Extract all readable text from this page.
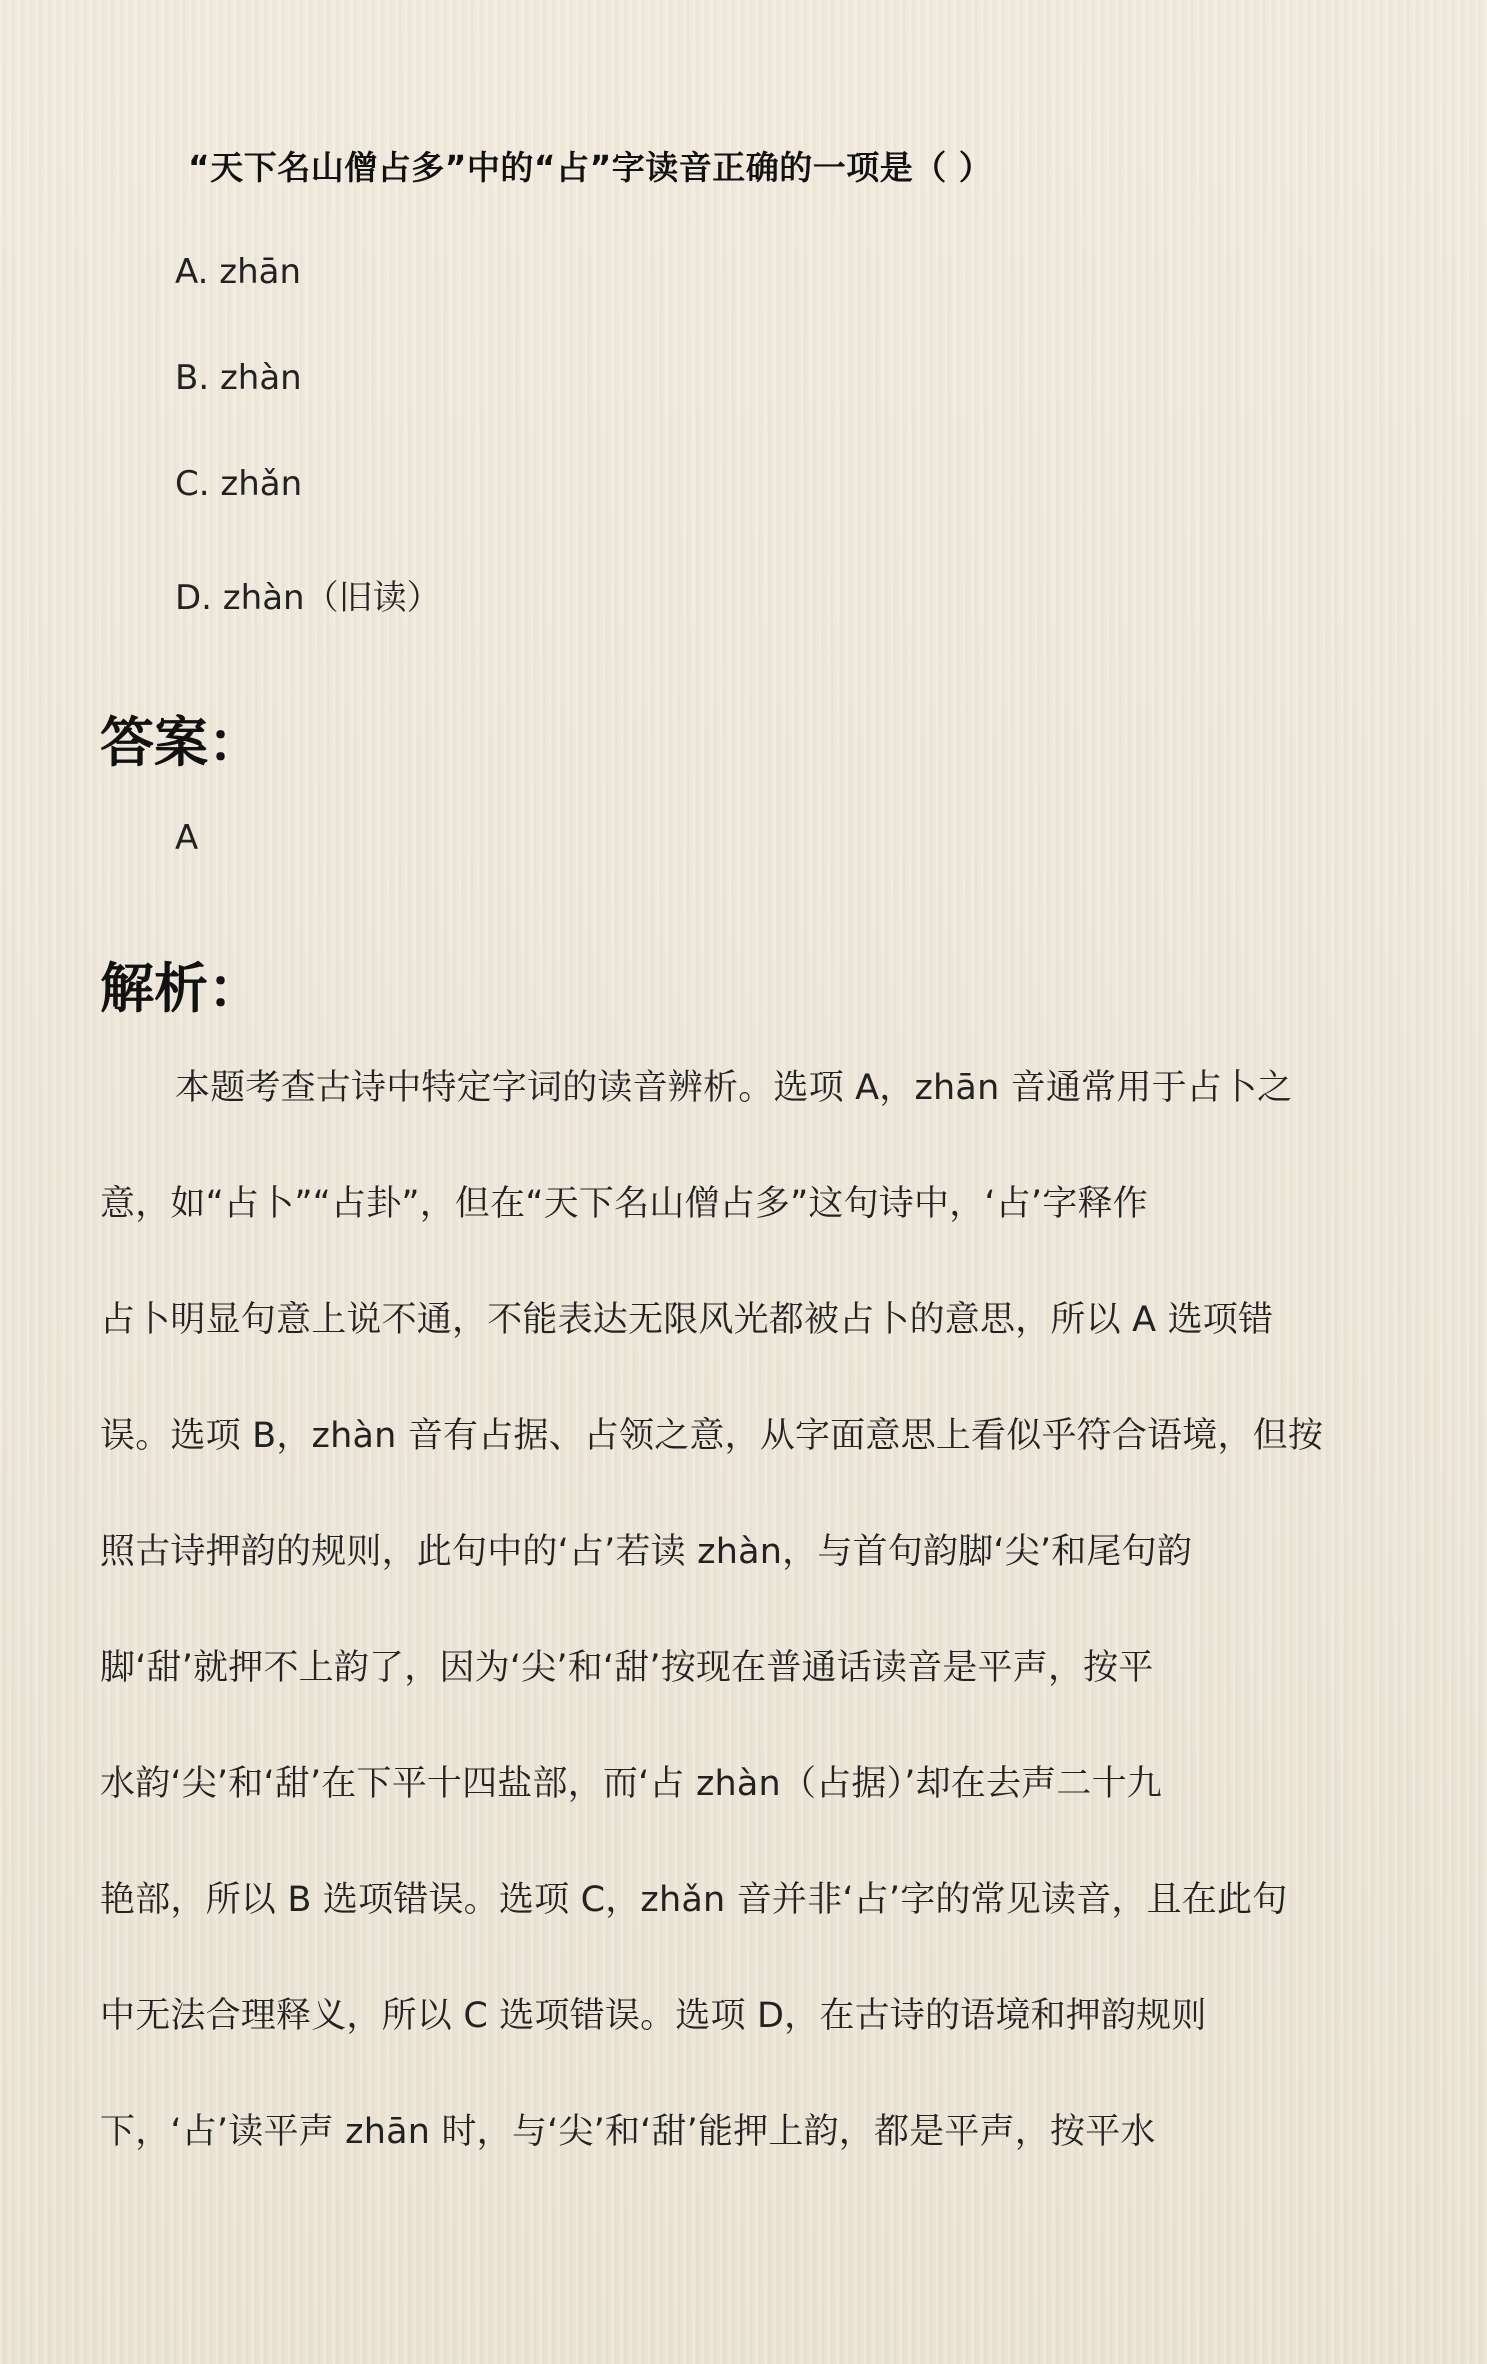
“天下名山僧占多”中的“占”字读音正确的一项是（ ）
A. zhān
B. zhàn
C. zhǎn
D. zhàn（旧读）
答案：
A
解析：
本题考查古诗中特定字词的读音辨析。选项 A，zhān 音通常用于占卜之
意，如“占卜”“占卦”，但在“天下名山僧占多”这句诗中，‘占’字释作
占卜明显句意上说不通，不能表达无限风光都被占卜的意思，所以 A 选项错
误。选项 B，zhàn 音有占据、占领之意，从字面意思上看似乎符合语境，但按
照古诗押韵的规则，此句中的‘占’若读 zhàn，与首句韵脚‘尖’和尾句韵
脚‘甜’就押不上韵了，因为‘尖’和‘甜’按现在普通话读音是平声，按平
水韵‘尖’和‘甜’在下平十四盐部，而‘占 zhàn（占据）’却在去声二十九
艳部，所以 B 选项错误。选项 C，zhǎn 音并非‘占’字的常见读音，且在此句
中无法合理释义，所以 C 选项错误。选项 D，在古诗的语境和押韵规则
下，‘占’读平声 zhān 时，与‘尖’和‘甜’能押上韵，都是平声，按平水
